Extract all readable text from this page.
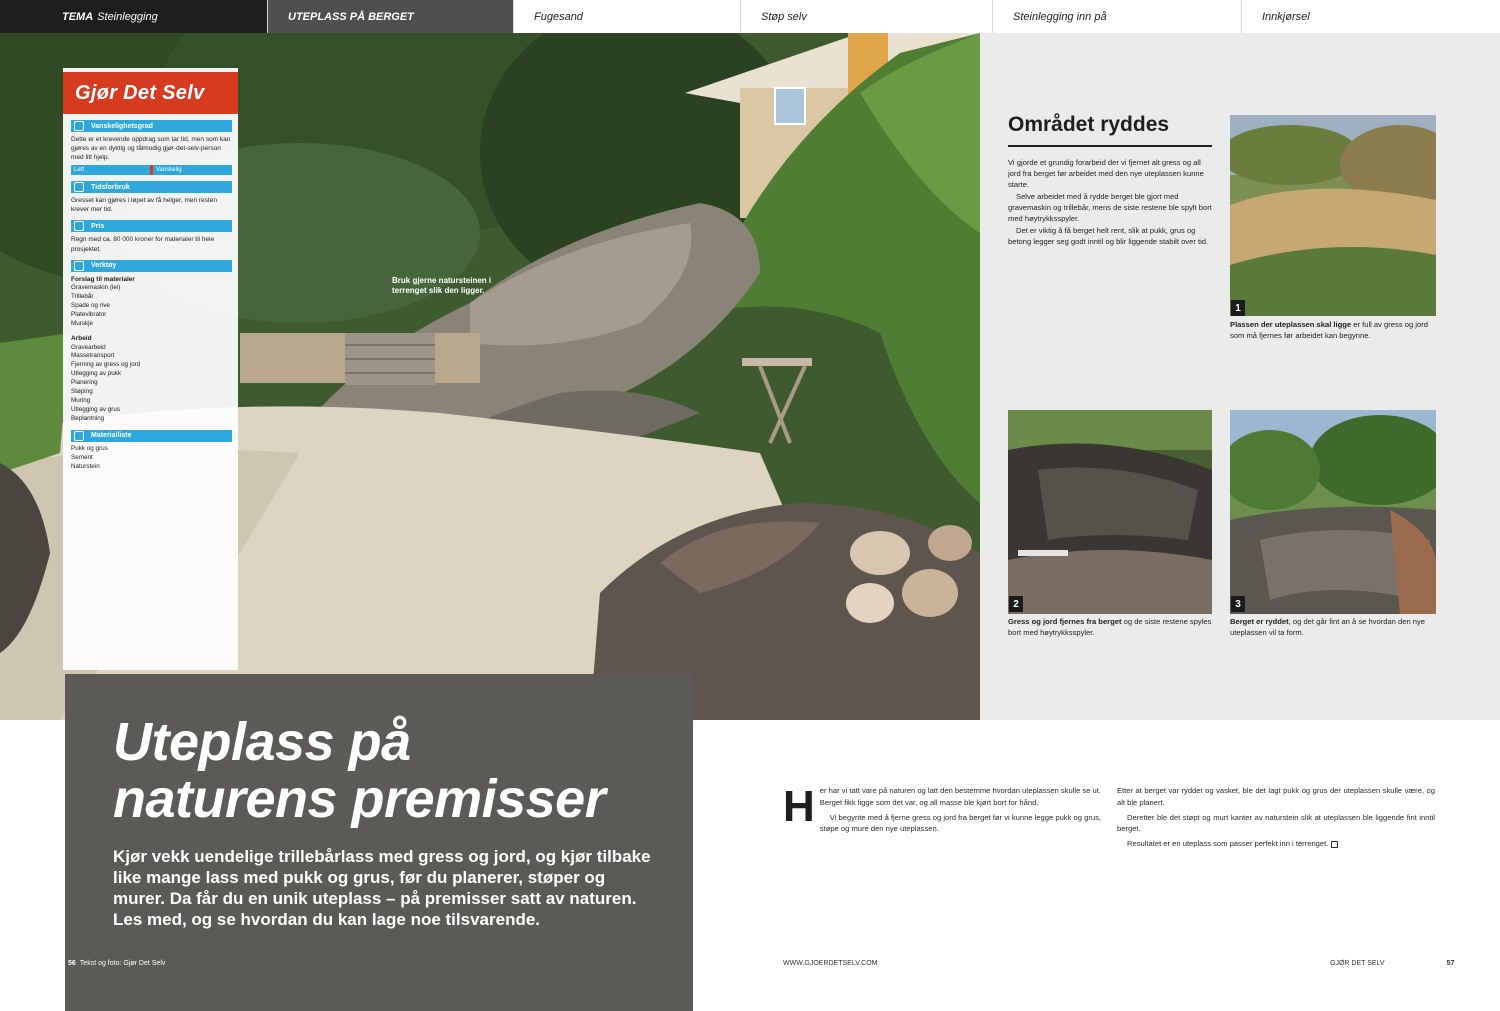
TEMA Steinlegging	UTEPLASS PÅ BERGET	Fugesand	Støp selv	Steinlegging inn på	Innkjørsel
Bruk gjerne natursteinen i terrenget slik den ligger.
Gjør Det Selv
Vanskelighetsgrad
Dette er et krevende oppdrag som tar tid, men som kan gjøres av en dyktig og tålmodig gjør-det-selv-person med litt hjelp.
Lett	Vanskelig
Tidsforbruk
Gresset kan gjøres i løpet av få helger, men resten krever mer tid.
Pris
Regn med ca. 80 000 kroner for materialer til hele prosjektet.
Verktøy
Forslag til materialer
Gravemaskin (lei)
Trillebår
Spade og rive
Platevibrator
Murskje
Arbeid
Gravearbeid
Massetransport
Fjerning av gress og jord
Utlegging av pukk
Planering
Støping
Muring
Utlegging av grus
Beplantning
Materialliste
Pukk og grus
Sement
Naturstein
Uteplass på
naturens premisser
Kjør vekk uendelige trillebårlass med gress og jord, og kjør tilbake like mange lass med pukk og grus, før du planerer, støper og murer. Da får du en unik uteplass – på premisser satt av naturen. Les med, og se hvordan du kan lage noe tilsvarende.
56 Tekst og foto: Gjør Det Selv
Området ryddes

Vi gjorde et grundig forarbeid der vi fjernet alt gress og all jord fra berget før arbeidet med den nye uteplassen kunne starte.

Selve arbeidet med å rydde berget ble gjort med gravemaskin og trillebår, mens de siste restene ble spylt bort med høytrykksspyler.

Det er viktig å få berget helt rent, slik at pukk, grus og betong legger seg godt inntil og blir liggende stabilt over tid.

1
Plassen der uteplassen skal ligge er full av gress og jord som må fjernes før arbeidet kan begynne.
2
Gress og jord fjernes fra berget og de siste restene spyles bort med høytrykksspyler.
3
Berget er ryddet, og det går fint an å se hvordan den nye uteplassen vil ta form.

Her har vi tatt vare på naturen og latt den bestemme hvordan uteplassen skulle se ut. Berget fikk ligge som det var, og all masse ble kjørt bort for hånd.

Vi begynte med å fjerne gress og jord fra berget før vi kunne legge pukk og grus, støpe og mure den nye uteplassen.

Etter at berget var ryddet og vasket, ble det lagt pukk og grus der uteplassen skulle være, og alt ble planert.

Deretter ble det støpt og murt kanter av naturstein slik at uteplassen ble liggende fint inntil berget.

Resultatet er en uteplass som passer perfekt inn i terrenget.

WWW.GJOERDETSELV.COM	GJØR DET SELV	57
